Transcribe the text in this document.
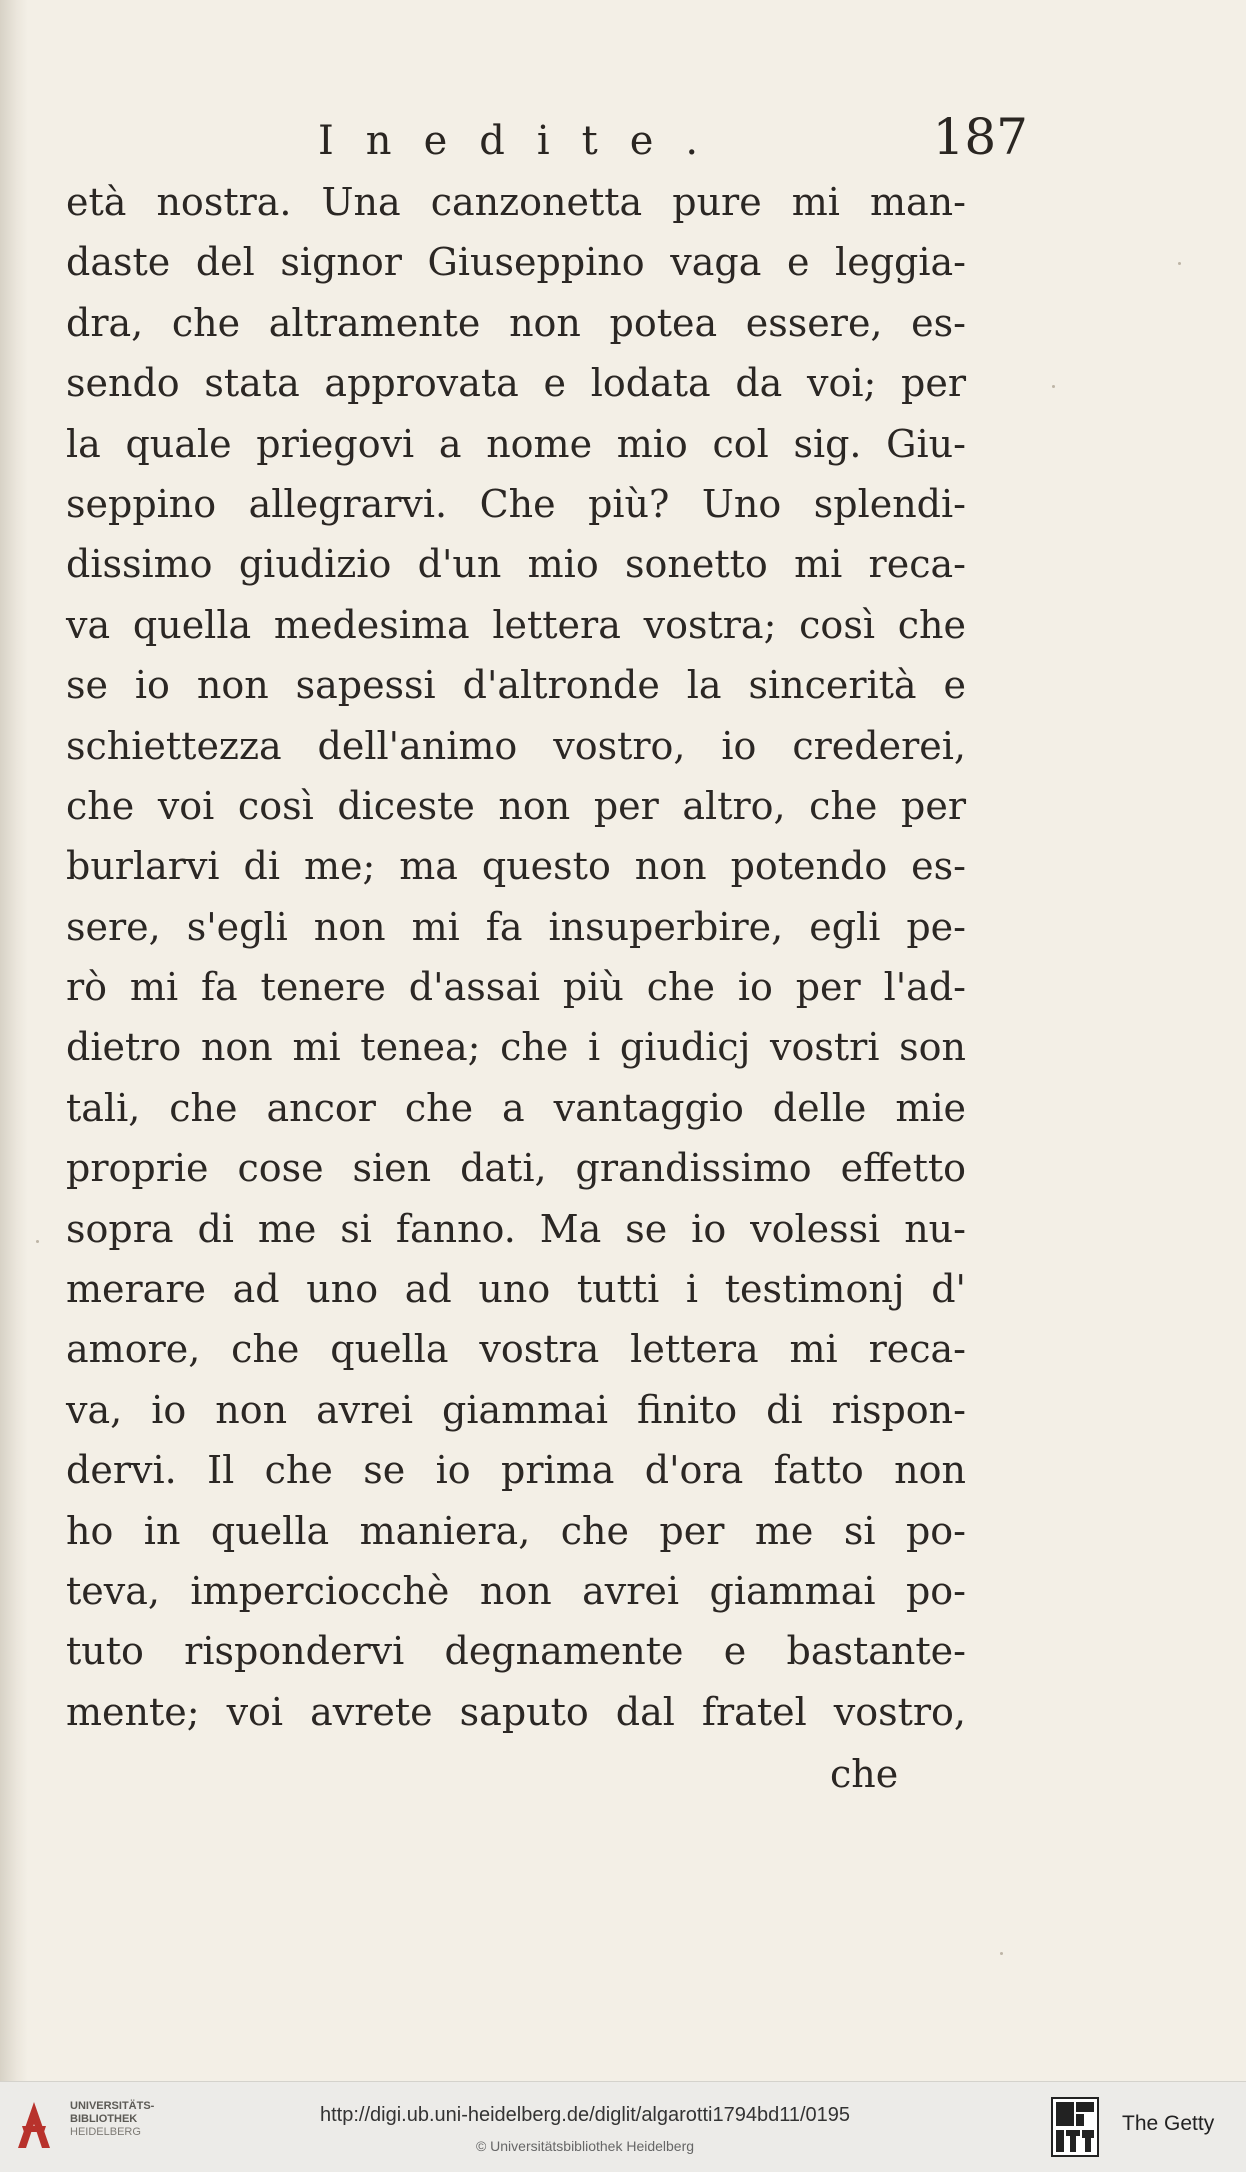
Inedite.	187
età nostra. Una canzonetta pure mi man-
daste del signor Giuseppino vaga e leggia-
dra, che altramente non potea essere, es-
sendo stata approvata e lodata da voi; per
la quale priegovi a nome mio col sig. Giu-
seppino allegrarvi. Che più? Uno splendi-
dissimo giudizio d'un mio sonetto mi reca-
va quella medesima lettera vostra; così che
se io non sapessi d'altronde la sincerità e
schiettezza dell'animo vostro, io crederei,
che voi così diceste non per altro, che per
burlarvi di me; ma questo non potendo es-
sere, s'egli non mi fa insuperbire, egli pe-
rò mi fa tenere d'assai più che io per l'ad-
dietro non mi tenea; che i giudicj vostri son
tali, che ancor che a vantaggio delle mie
proprie cose sien dati, grandissimo effetto
sopra di me si fanno. Ma se io volessi nu-
merare ad uno ad uno tutti i testimonj d'
amore, che quella vostra lettera mi reca-
va, io non avrei giammai finito di rispon-
dervi. Il che se io prima d'ora fatto non
ho in quella maniera, che per me si po-
teva, imperciocchè non avrei giammai po-
tuto rispondervi degnamente e bastante-
mente; voi avrete saputo dal fratel vostro,
che
UNIVERSITÄTS-
BIBLIOTHEK
HEIDELBERG
http://digi.ub.uni-heidelberg.de/diglit/algarotti1794bd11/0195
© Universitätsbibliothek Heidelberg
The Getty
